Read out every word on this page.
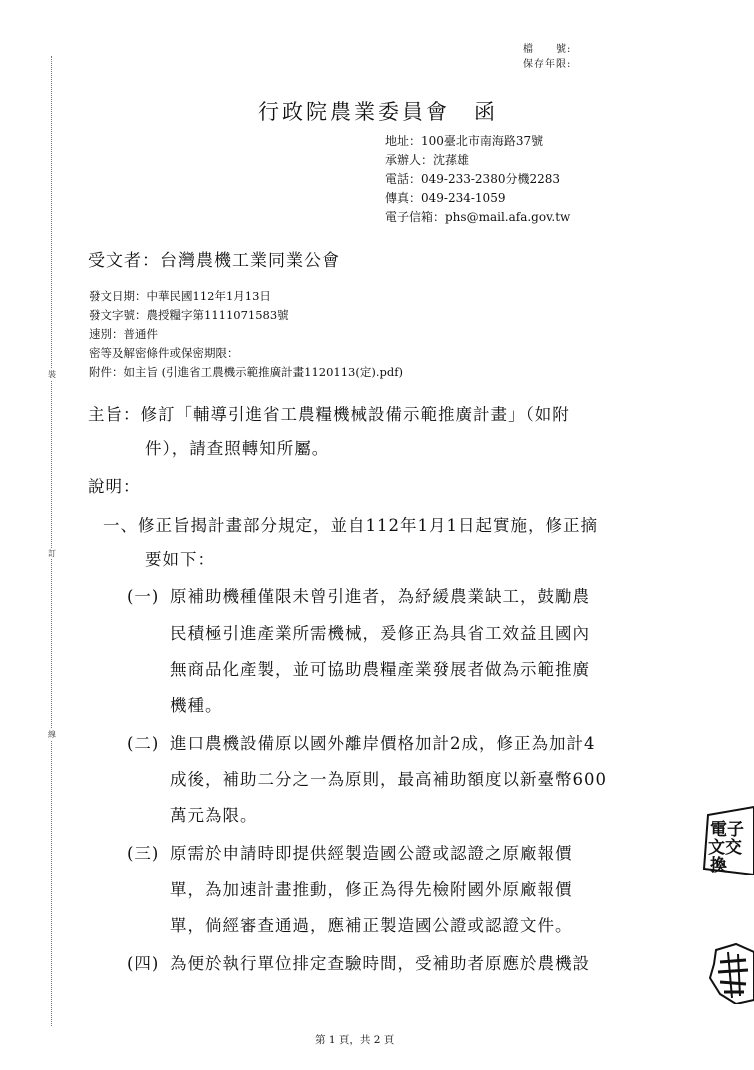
裝
訂
線
檔　　號:
保存年限:
行政院農業委員會　函
地址：100臺北市南海路37號
承辦人：沈蓀雄
電話：049-233-2380分機2283
傳真：049-234-1059
電子信箱：phs@mail.afa.gov.tw
受文者：台灣農機工業同業公會
發文日期：中華民國112年1月13日
發文字號：農授糧字第1111071583號
速別：普通件
密等及解密條件或保密期限：
附件：如主旨 (引進省工農機示範推廣計畫1120113(定).pdf)
主旨：修訂「輔導引進省工農糧機械設備示範推廣計畫」（如附
件），請查照轉知所屬。
說明：
一、修正旨揭計畫部分規定，並自112年1月1日起實施，修正摘
要如下：
(一) 原補助機種僅限未曾引進者，為紓緩農業缺工，鼓勵農
民積極引進產業所需機械，爰修正為具省工效益且國內
無商品化產製，並可協助農糧產業發展者做為示範推廣
機種。
(二) 進口農機設備原以國外離岸價格加計2成，修正為加計4
成後，補助二分之一為原則，最高補助額度以新臺幣600
萬元為限。
(三) 原需於申請時即提供經製造國公證或認證之原廠報價
單，為加速計畫推動，修正為得先檢附國外原廠報價
單，倘經審查通過，應補正製造國公證或認證文件。
(四) 為便於執行單位排定查驗時間，受補助者原應於農機設
第 1 頁，共 2 頁
電子
文交
換
